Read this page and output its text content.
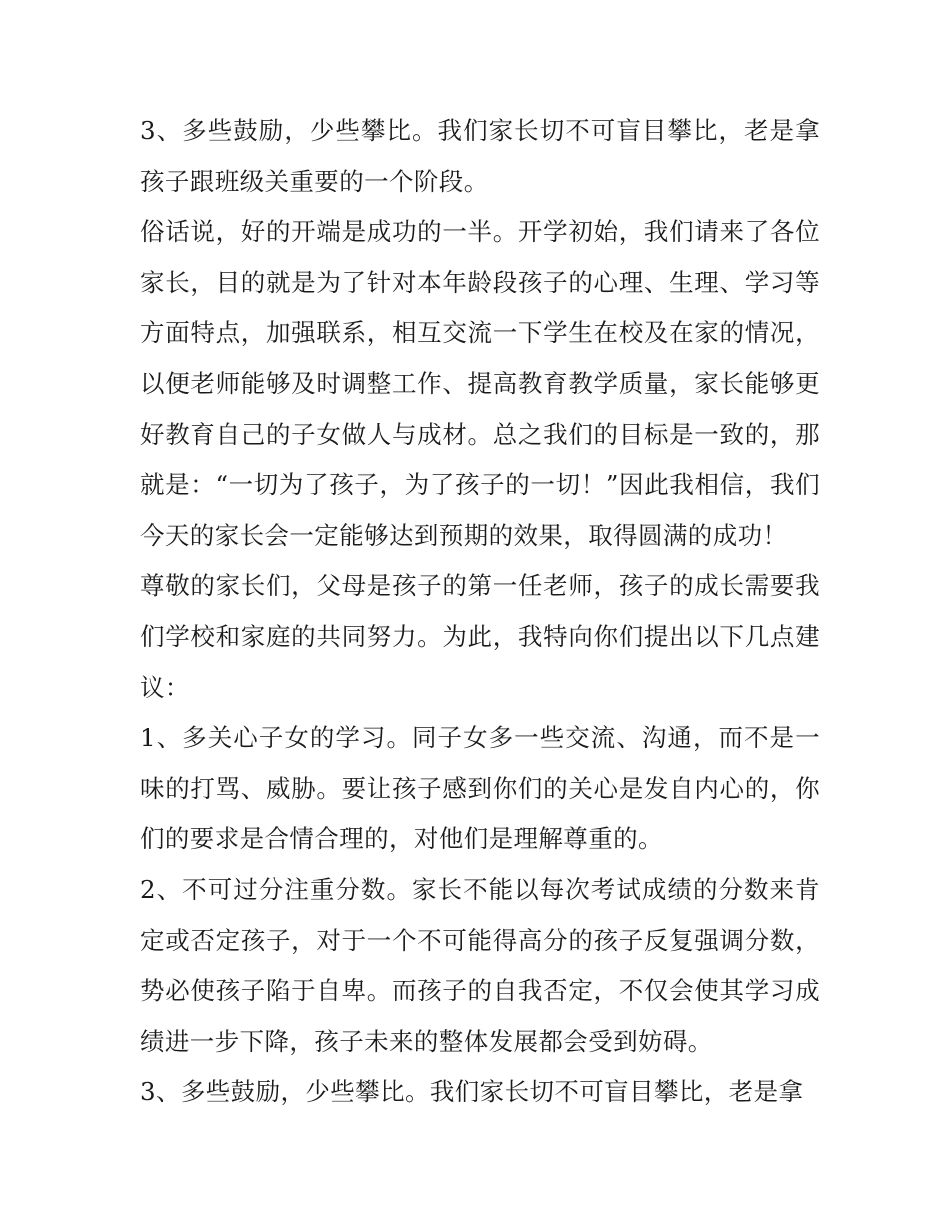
3、多些鼓励，少些攀比。我们家长切不可盲目攀比，老是拿孩子跟班级关重要的一个阶段。

俗话说，好的开端是成功的一半。开学初始，我们请来了各位家长，目的就是为了针对本年龄段孩子的心理、生理、学习等方面特点，加强联系，相互交流一下学生在校及在家的情况，以便老师能够及时调整工作、提高教育教学质量，家长能够更好教育自己的子女做人与成材。总之我们的目标是一致的，那就是：“一切为了孩子，为了孩子的一切！”因此我相信，我们今天的家长会一定能够达到预期的效果，取得圆满的成功！

尊敬的家长们，父母是孩子的第一任老师，孩子的成长需要我们学校和家庭的共同努力。为此，我特向你们提出以下几点建议：

1、多关心子女的学习。同子女多一些交流、沟通，而不是一味的打骂、威胁。要让孩子感到你们的关心是发自内心的，你们的要求是合情合理的，对他们是理解尊重的。

2、不可过分注重分数。家长不能以每次考试成绩的分数来肯定或否定孩子，对于一个不可能得高分的孩子反复强调分数，势必使孩子陷于自卑。而孩子的自我否定，不仅会使其学习成绩进一步下降，孩子未来的整体发展都会受到妨碍。

3、多些鼓励，少些攀比。我们家长切不可盲目攀比，老是拿
